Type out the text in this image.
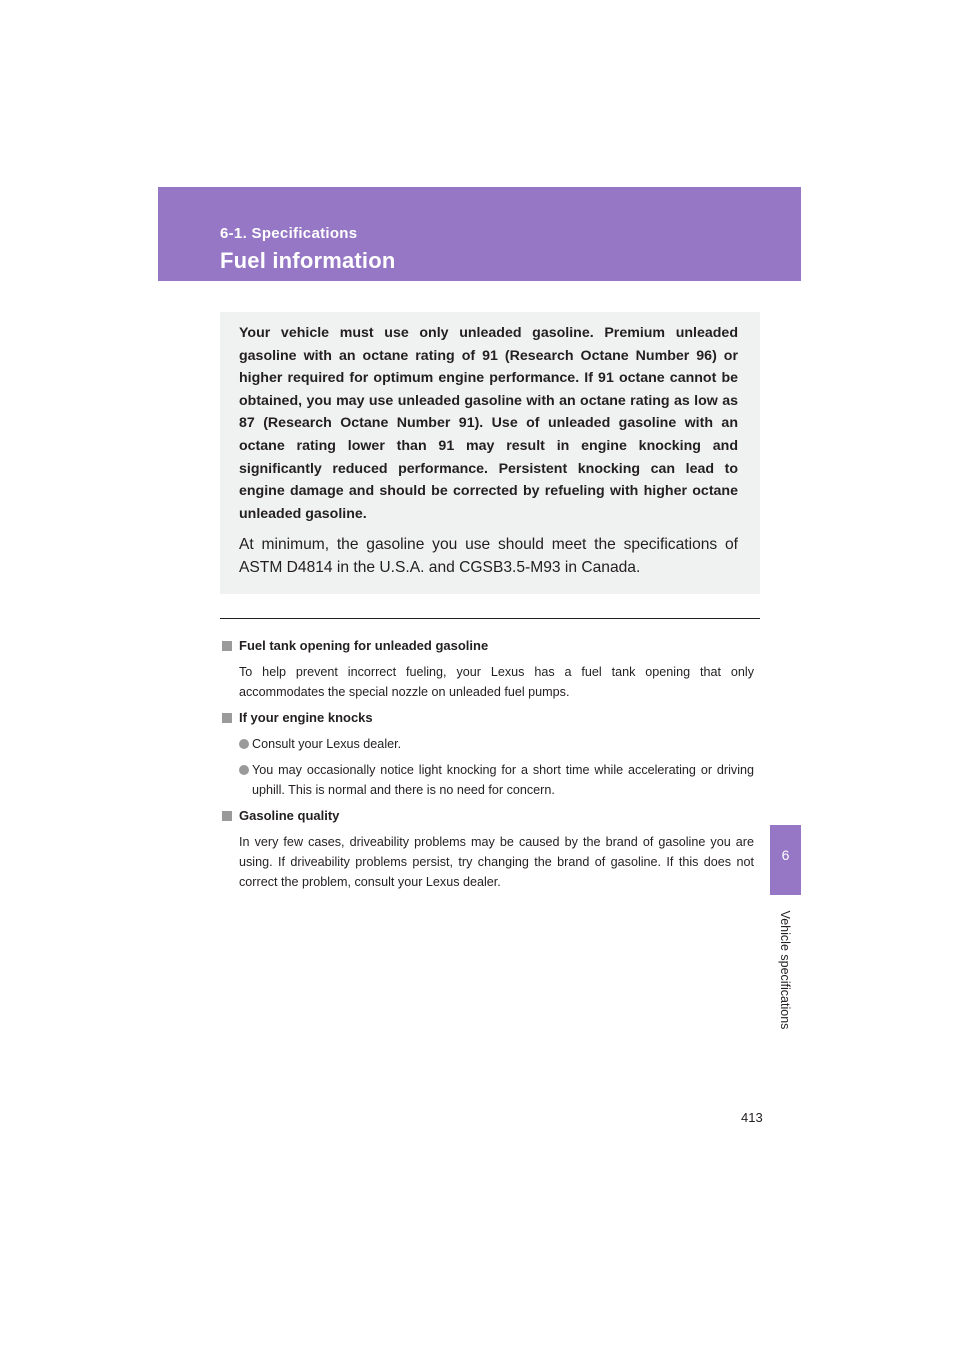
6-1. Specifications
Fuel information
6
Vehicle specifications

Your vehicle must use only unleaded gasoline. Premium unleaded gasoline with an octane rating of 91 (Research Octane Number 96) or higher required for optimum engine performance. If 91 octane cannot be obtained, you may use unleaded gasoline with an octane rating as low as 87 (Research Octane Number 91). Use of unleaded gasoline with an octane rating lower than 91 may result in engine knocking and significantly reduced performance. Persistent knocking can lead to engine damage and should be corrected by refueling with higher octane unleaded gasoline.

At minimum, the gasoline you use should meet the specifications of ASTM D4814 in the U.S.A. and CGSB3.5-M93 in Canada.

Fuel tank opening for unleaded gasoline

To help prevent incorrect fueling, your Lexus has a fuel tank opening that only accommodates the special nozzle on unleaded fuel pumps.

If your engine knocks

Consult your Lexus dealer.

You may occasionally notice light knocking for a short time while accelerating or driving uphill. This is normal and there is no need for concern.

Gasoline quality

In very few cases, driveability problems may be caused by the brand of gasoline you are using. If driveability problems persist, try changing the brand of gasoline. If this does not correct the problem, consult your Lexus dealer.

413
